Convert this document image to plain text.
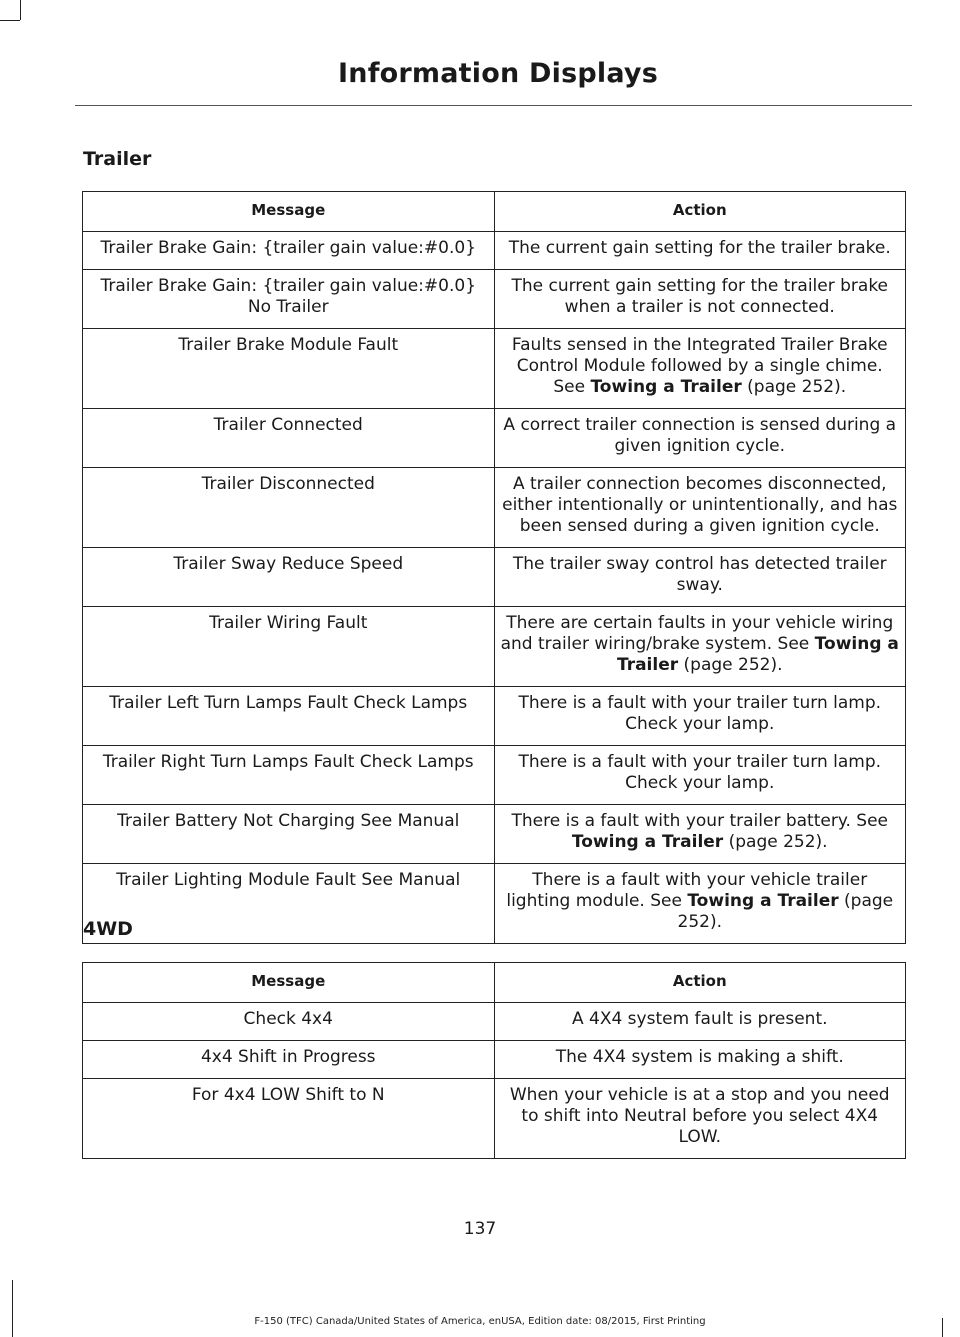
Information Displays
Trailer
Message	Action
Trailer Brake Gain: {trailer gain value:#0.0}	The current gain setting for the trailer brake.
Trailer Brake Gain: {trailer gain value:#0.0} No Trailer	The current gain setting for the trailer brake when a trailer is not connected.
Trailer Brake Module Fault	Faults sensed in the Integrated Trailer Brake Control Module followed by a single chime. See Towing a Trailer (page 252).
Trailer Connected	A correct trailer connection is sensed during a given ignition cycle.
Trailer Disconnected	A trailer connection becomes disconnected, either intentionally or unintentionally, and has been sensed during a given ignition cycle.
Trailer Sway Reduce Speed	The trailer sway control has detected trailer sway.
Trailer Wiring Fault	There are certain faults in your vehicle wiring and trailer wiring/brake system. See Towing a Trailer (page 252).
Trailer Left Turn Lamps Fault Check Lamps	There is a fault with your trailer turn lamp. Check your lamp.
Trailer Right Turn Lamps Fault Check Lamps	There is a fault with your trailer turn lamp. Check your lamp.
Trailer Battery Not Charging See Manual	There is a fault with your trailer battery. See Towing a Trailer (page 252).
Trailer Lighting Module Fault See Manual	There is a fault with your vehicle trailer lighting module. See Towing a Trailer (page 252).
4WD
Message	Action
Check 4x4	A 4X4 system fault is present.
4x4 Shift in Progress	The 4X4 system is making a shift.
For 4x4 LOW Shift to N	When your vehicle is at a stop and you need to shift into Neutral before you select 4X4 LOW.
137
F-150 (TFC) Canada/United States of America, enUSA, Edition date: 08/2015, First Printing
